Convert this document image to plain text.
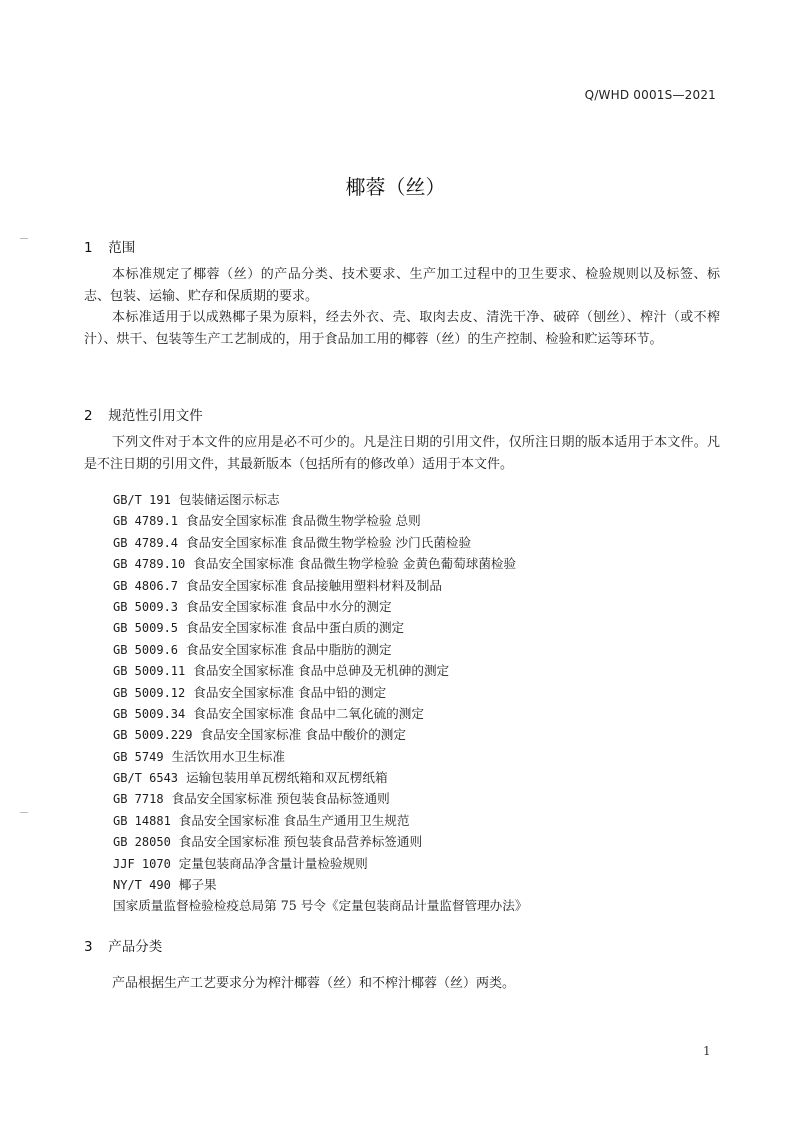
Q/WHD 0001S—2021
椰蓉（丝）
1 范围

本标准规定了椰蓉（丝）的产品分类、技术要求、生产加工过程中的卫生要求、检验规则以及标签、标志、包装、运输、贮存和保质期的要求。

本标准适用于以成熟椰子果为原料，经去外衣、壳、取肉去皮、清洗干净、破碎（刨丝）、榨汁（或不榨汁）、烘干、包装等生产工艺制成的，用于食品加工用的椰蓉（丝）的生产控制、检验和贮运等环节。

2 规范性引用文件

下列文件对于本文件的应用是必不可少的。凡是注日期的引用文件，仅所注日期的版本适用于本文件。凡是不注日期的引用文件，其最新版本（包括所有的修改单）适用于本文件。

GB/T 191 包装储运图示标志
GB 4789.1 食品安全国家标准 食品微生物学检验 总则
GB 4789.4 食品安全国家标准 食品微生物学检验 沙门氏菌检验
GB 4789.10 食品安全国家标准 食品微生物学检验 金黄色葡萄球菌检验
GB 4806.7 食品安全国家标准 食品接触用塑料材料及制品
GB 5009.3 食品安全国家标准 食品中水分的测定
GB 5009.5 食品安全国家标准 食品中蛋白质的测定
GB 5009.6 食品安全国家标准 食品中脂肪的测定
GB 5009.11 食品安全国家标准 食品中总砷及无机砷的测定
GB 5009.12 食品安全国家标准 食品中铅的测定
GB 5009.34 食品安全国家标准 食品中二氧化硫的测定
GB 5009.229 食品安全国家标准 食品中酸价的测定
GB 5749 生活饮用水卫生标准
GB/T 6543 运输包装用单瓦楞纸箱和双瓦楞纸箱
GB 7718 食品安全国家标准 预包装食品标签通则
GB 14881 食品安全国家标准 食品生产通用卫生规范
GB 28050 食品安全国家标准 预包装食品营养标签通则
JJF 1070 定量包装商品净含量计量检验规则
NY/T 490 椰子果
国家质量监督检验检疫总局第 75 号令《定量包装商品计量监督管理办法》
3 产品分类

产品根据生产工艺要求分为榨汁椰蓉（丝）和不榨汁椰蓉（丝）两类。

1
